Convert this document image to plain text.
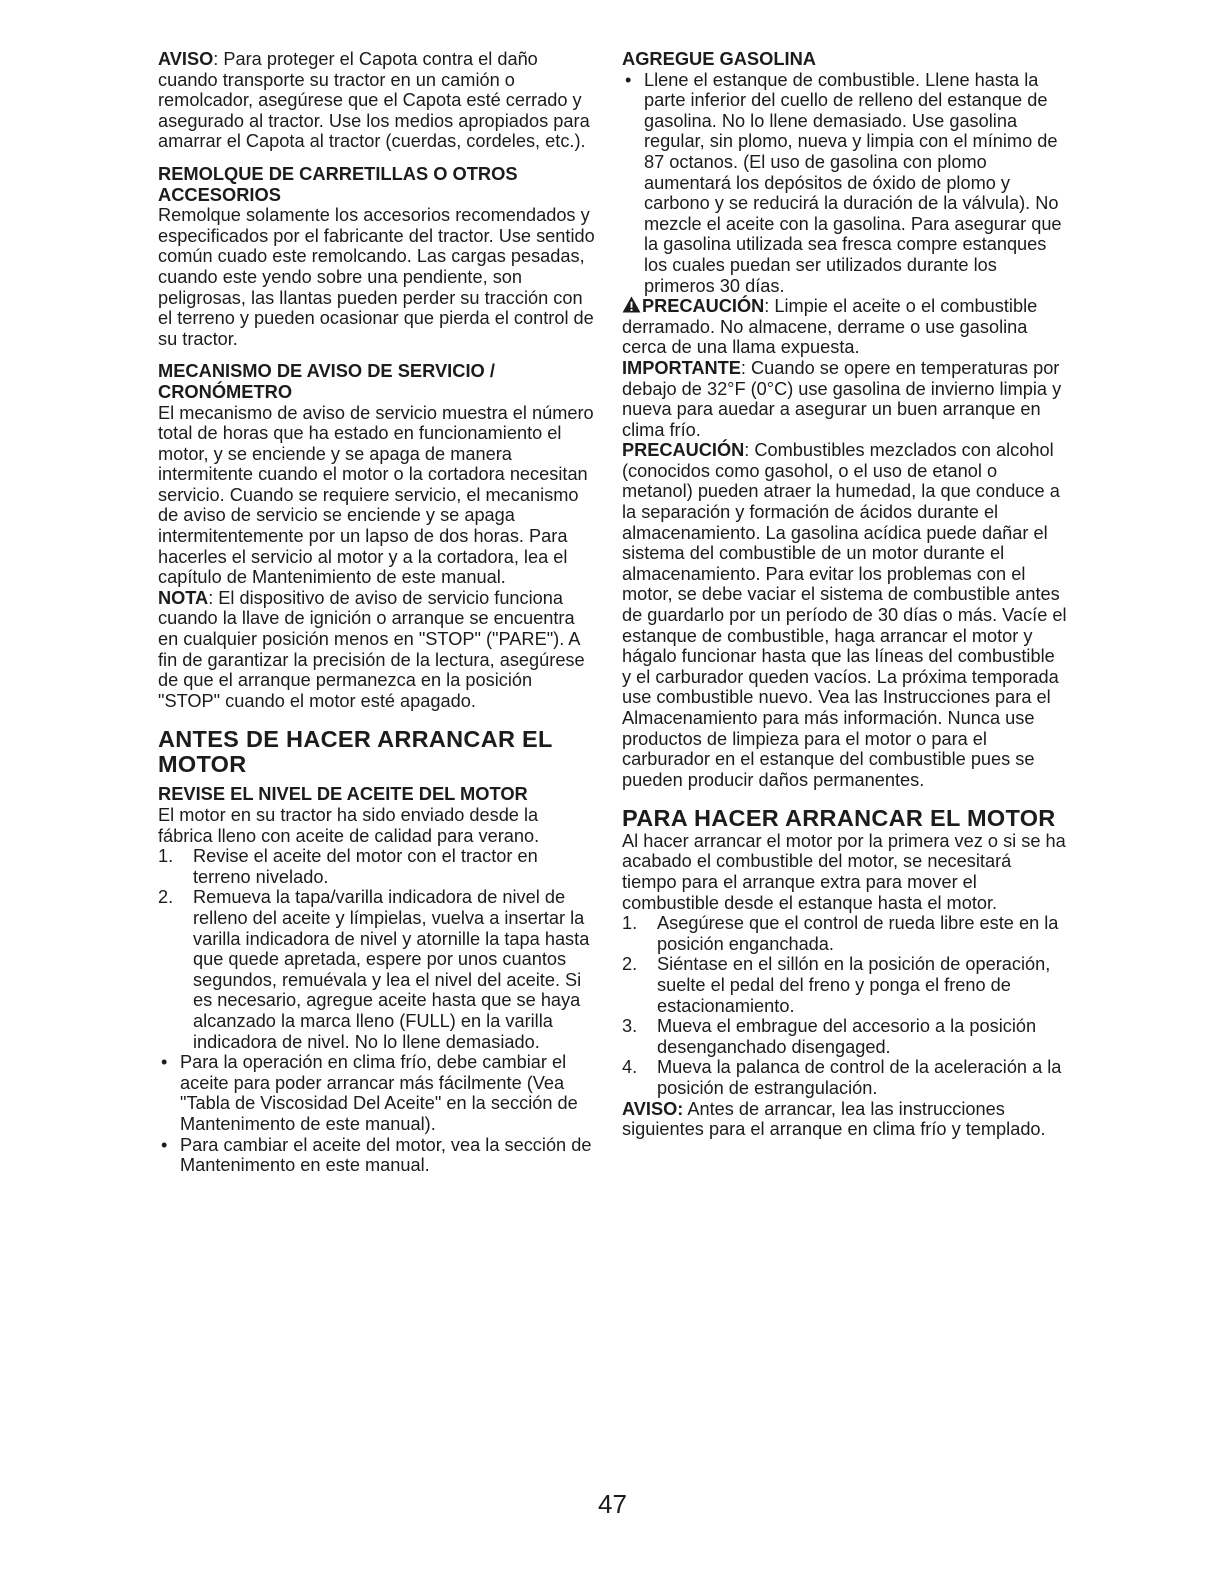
AVISO: Para proteger el Capota contra el daño cuando transporte su tractor en un camión o remolcador, asegúrese que el Capota esté cerrado y asegurado al tractor. Use los medios apropiados para amarrar el Capota al tractor (cuerdas, cordeles, etc.).

REMOLQUE DE CARRETILLAS O OTROS ACCESORIOS

Remolque solamente los accesorios recomendados y especificados por el fabricante del tractor. Use sentido común cuado este remolcando. Las cargas pesadas, cuando este yendo sobre una pendiente, son peligrosas, las llantas pueden perder su tracción con el terreno y pueden ocasionar que pierda el control de su tractor.

MECANISMO DE AVISO DE SERVICIO / CRONÓMETRO

El mecanismo de aviso de servicio muestra el número total de horas que ha estado en funcionamiento el motor, y se enciende y se apaga de manera intermitente cuando el motor o la cortadora necesitan servicio. Cuando se requiere servicio, el mecanismo de aviso de servicio se enciende y se apaga intermitentemente por un lapso de dos horas. Para hacerles el servicio al motor y a la cortadora, lea el capítulo de Mantenimiento de este manual.

NOTA: El dispositivo de aviso de servicio funciona cuando la llave de ignición o arranque se encuentra en cualquier posición menos en "STOP" ("PARE"). A fin de garantizar la precisión de la lectura, asegúrese de que el arranque permanezca en la posición "STOP" cuando el motor esté apagado.

ANTES DE HACER ARRANCAR EL MOTOR

REVISE EL NIVEL DE ACEITE DEL MOTOR

El motor en su tractor ha sido enviado desde la fábrica lleno con aceite de calidad para verano.

1. Revise el aceite del motor con el tractor en terreno nivelado.
2. Remueva la tapa/varilla indicadora de nivel de relleno del aceite y límpielas, vuelva a insertar la varilla indicadora de nivel y atornille la tapa hasta que quede apretada, espere por unos cuantos segundos, remuévala y lea el nivel del aceite. Si es necesario, agregue aceite hasta que se haya alcanzado la marca lleno (FULL) en la varilla indicadora de nivel. No lo llene demasiado.
• Para la operación en clima frío, debe cambiar el aceite para poder arrancar más fácilmente (Vea "Tabla de Viscosidad Del Aceite" en la sección de Mantenimento de este manual).
• Para cambiar el aceite del motor, vea la sección de Mantenimento en este manual.

AGREGUE GASOLINA

• Llene el estanque de combustible. Llene hasta la parte inferior del cuello de relleno del estanque de gasolina. No lo llene demasiado. Use gasolina regular, sin plomo, nueva y limpia con el mínimo de 87 octanos. (El uso de gasolina con plomo aumentará los depósitos de óxido de plomo y carbono y se reducirá la duración de la válvula). No mezcle el aceite con la gasolina. Para asegurar que la gasolina utilizada sea fresca compre estanques los cuales puedan ser utilizados durante los primeros 30 días.

PRECAUCIÓN: Limpie el aceite o el combustible derramado. No almacene, derrame o use gasolina cerca de una llama expuesta.

IMPORTANTE: Cuando se opere en temperaturas por debajo de 32°F (0°C) use gasolina de invierno limpia y nueva para auedar a asegurar un buen arranque en clima frío.

PRECAUCIÓN: Combustibles mezclados con alcohol (conocidos como gasohol, o el uso de etanol o metanol) pueden atraer la humedad, la que conduce a la separación y formación de ácidos durante el almacenamiento. La gasolina acídica puede dañar el sistema del combustible de un motor durante el almacenamiento. Para evitar los problemas con el motor, se debe vaciar el sistema de combustible antes de guardarlo por un período de 30 días o más. Vacíe el estanque de combustible, haga arrancar el motor y hágalo funcionar hasta que las líneas del combustible y el carburador queden vacíos. La próxima temporada use combustible nuevo. Vea las Instrucciones para el Almacenamiento para más información. Nunca use productos de limpieza para el motor o para el carburador en el estanque del combustible pues se pueden producir daños permanentes.

PARA HACER ARRANCAR EL MOTOR

Al hacer arrancar el motor por la primera vez o si se ha acabado el combustible del motor, se necesitará tiempo para el arranque extra para mover el combustible desde el estanque hasta el motor.

1. Asegúrese que el control de rueda libre este en la posición enganchada.
2. Siéntase en el sillón en la posición de operación, suelte el pedal del freno y ponga el freno de estacionamiento.
3. Mueva el embrague del accesorio a la posición desenganchado disengaged.
4. Mueva la palanca de control de la aceleración a la posición de estrangulación.

AVISO: Antes de arrancar, lea las instrucciones siguientes para el arranque en clima frío y templado.

47
